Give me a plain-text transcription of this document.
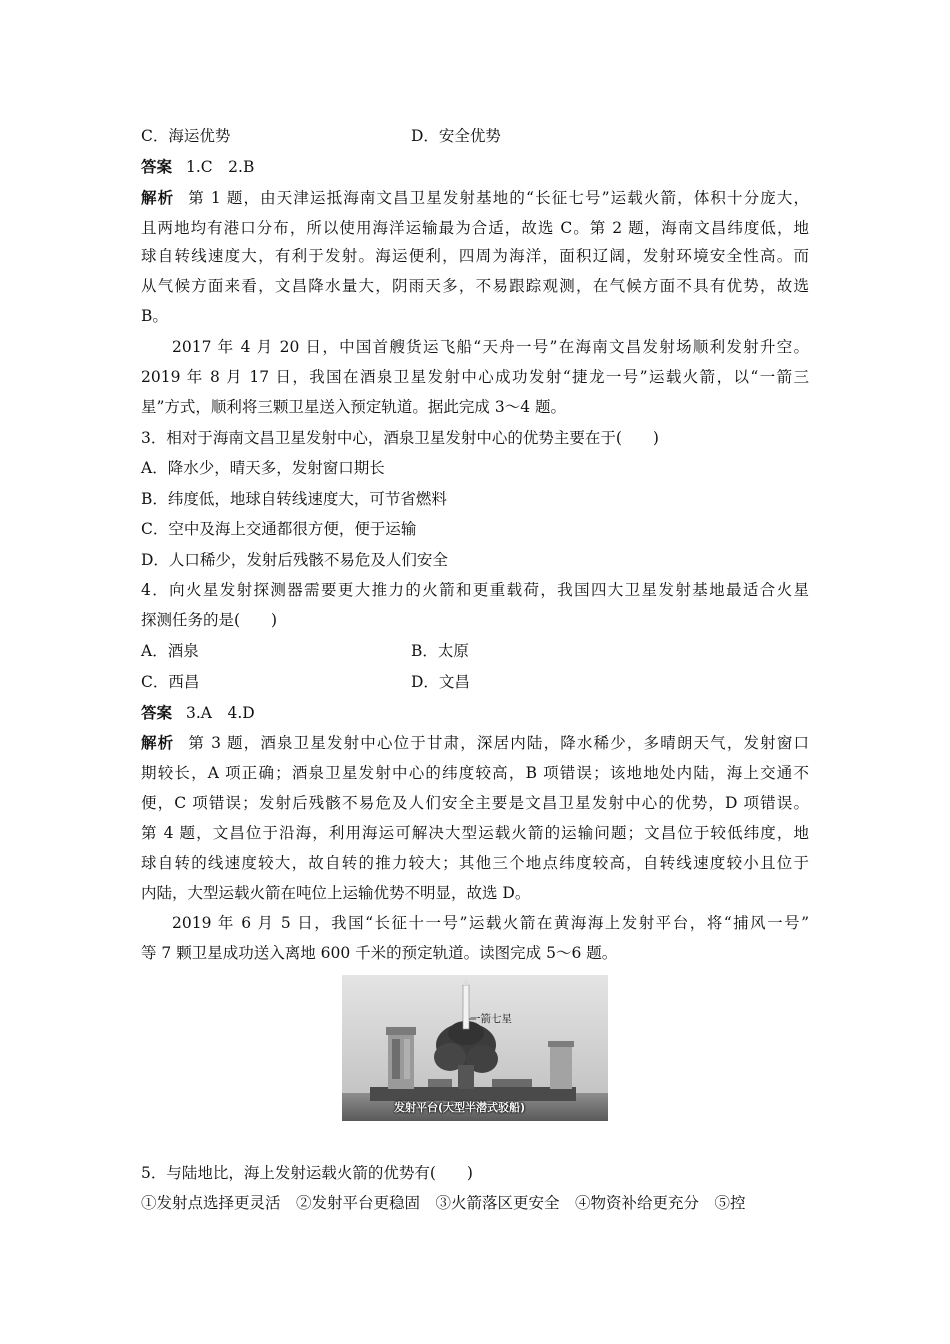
C．海运优势	D．安全优势
答案 1.C　2.B
解析 第 1 题，由天津运抵海南文昌卫星发射基地的“长征七号”运载火箭，体积十分庞大，
且两地均有港口分布，所以使用海洋运输最为合适，故选 C。第 2 题，海南文昌纬度低，地
球自转线速度大，有利于发射。海运便利，四周为海洋，面积辽阔，发射环境安全性高。而
从气候方面来看，文昌降水量大，阴雨天多，不易跟踪观测，在气候方面不具有优势，故选
B。
2017 年 4 月 20 日，中国首艘货运飞船“天舟一号”在海南文昌发射场顺利发射升空。
2019 年 8 月 17 日，我国在酒泉卫星发射中心成功发射“捷龙一号”运载火箭，以“一箭三
星”方式，顺利将三颗卫星送入预定轨道。据此完成 3～4 题。
3．相对于海南文昌卫星发射中心，酒泉卫星发射中心的优势主要在于(　　)
A．降水少，晴天多，发射窗口期长
B．纬度低，地球自转线速度大，可节省燃料
C．空中及海上交通都很方便，便于运输
D．人口稀少，发射后残骸不易危及人们安全
4．向火星发射探测器需要更大推力的火箭和更重载荷，我国四大卫星发射基地最适合火星
探测任务的是(　　)
A．酒泉	B．太原
C．西昌	D．文昌
答案 3.A　4.D
解析 第 3 题，酒泉卫星发射中心位于甘肃，深居内陆，降水稀少，多晴朗天气，发射窗口
期较长，A 项正确；酒泉卫星发射中心的纬度较高，B 项错误；该地地处内陆，海上交通不
便，C 项错误；发射后残骸不易危及人们安全主要是文昌卫星发射中心的优势，D 项错误。
第 4 题，文昌位于沿海，利用海运可解决大型运载火箭的运输问题；文昌位于较低纬度，地
球自转的线速度较大，故自转的推力较大；其他三个地点纬度较高，自转线速度较小且位于
内陆，大型运载火箭在吨位上运输优势不明显，故选 D。
2019 年 6 月 5 日，我国“长征十一号”运载火箭在黄海海上发射平台，将“捕风一号”
等 7 颗卫星成功送入离地 600 千米的预定轨道。读图完成 5～6 题。
一箭七星
发射平台(大型半潜式驳船)
5．与陆地比，海上发射运载火箭的优势有(　　)
①发射点选择更灵活　②发射平台更稳固　③火箭落区更安全　④物资补给更充分　⑤控
